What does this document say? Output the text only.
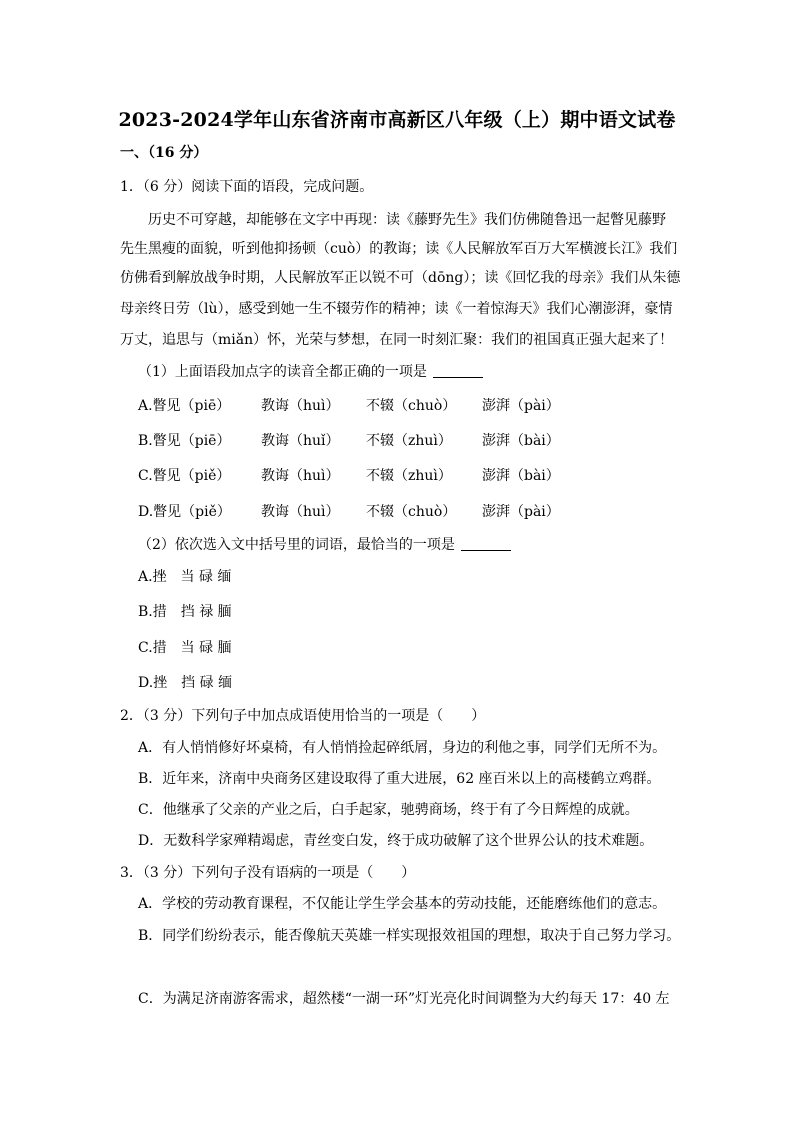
2023-2024学年山东省济南市高新区八年级（上）期中语文试卷
一、（16 分）
1．（6 分）阅读下面的语段，完成问题。
历史不可穿越，却能够在文字中再现：读《藤野先生》我们仿佛随鲁迅一起瞥见藤野
先生黑瘦的面貌，听到他抑扬顿（cuò）的教诲；读《人民解放军百万大军横渡长江》我们
仿佛看到解放战争时期，人民解放军正以锐不可（dōng）；读《回忆我的母亲》我们从朱德
母亲终日劳（lù），感受到她一生不辍劳作的精神；读《一着惊海天》我们心潮澎湃，豪情
万丈，追思与（miǎn）怀，光荣与梦想，在同一时刻汇聚：我们的祖国真正强大起来了！
（1）上面语段加点字的读音全都正确的一项是
A.瞥见（piē） 教诲（huì） 不辍（chuò） 澎湃（pài）
B.瞥见（piē） 教诲（huǐ） 不辍（zhuì） 澎湃（bài）
C.瞥见（piě） 教诲（huì） 不辍（zhuì） 澎湃（bài）
D.瞥见（piě） 教诲（huì） 不辍（chuò） 澎湃（pài）
（2）依次选入文中括号里的词语，最恰当的一项是
A.挫　当 碌 缅
B.措　挡 禄 腼
C.措　当 碌 腼
D.挫　挡 碌 缅
2．（3 分）下列句子中加点成语使用恰当的一项是（　　）
A．有人悄悄修好坏桌椅，有人悄悄捡起碎纸屑，身边的利他之事，同学们无所不为。
B．近年来，济南中央商务区建设取得了重大进展，62 座百米以上的高楼鹤立鸡群。
C．他继承了父亲的产业之后，白手起家，驰骋商场，终于有了今日辉煌的成就。
D．无数科学家殚精竭虑，青丝变白发，终于成功破解了这个世界公认的技术难题。
3．（3 分）下列句子没有语病的一项是（　　）
A．学校的劳动教育课程，不仅能让学生学会基本的劳动技能，还能磨练他们的意志。
B．同学们纷纷表示，能否像航天英雄一样实现报效祖国的理想，取决于自己努力学习。
C．为满足济南游客需求，超然楼“一湖一环”灯光亮化时间调整为大约每天 17：40 左
